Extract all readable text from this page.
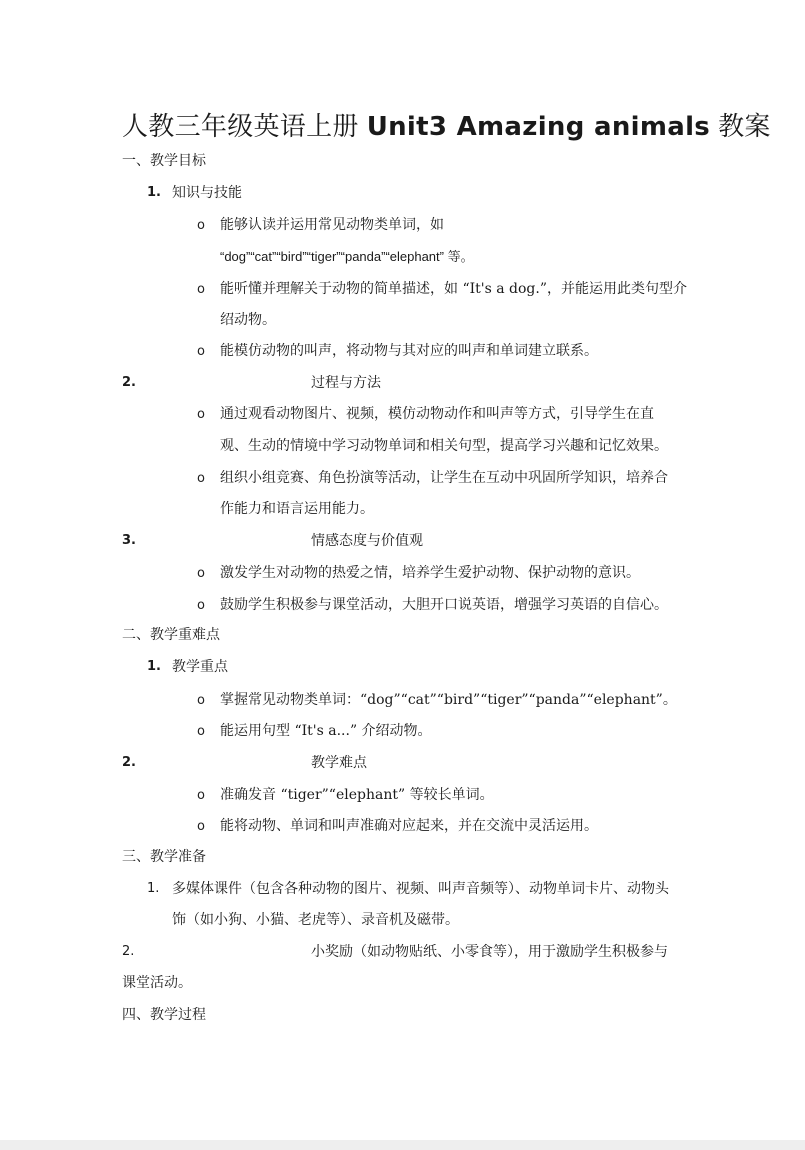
人教三年级英语上册 Unit3 Amazing animals 教案
一、教学目标
1. 知识与技能
o 能够认读并运用常见动物类单词，如
“dog”“cat”“bird”“tiger”“panda”“elephant” 等。
o 能听懂并理解关于动物的简单描述，如 “It's a dog.”，并能运用此类句型介
绍动物。
o 能模仿动物的叫声，将动物与其对应的叫声和单词建立联系。
2.	过程与方法
o 通过观看动物图片、视频，模仿动物动作和叫声等方式，引导学生在直
观、生动的情境中学习动物单词和相关句型，提高学习兴趣和记忆效果。
o 组织小组竞赛、角色扮演等活动，让学生在互动中巩固所学知识，培养合
作能力和语言运用能力。
3.	情感态度与价值观
o 激发学生对动物的热爱之情，培养学生爱护动物、保护动物的意识。
o 鼓励学生积极参与课堂活动，大胆开口说英语，增强学习英语的自信心。
二、教学重难点
1. 教学重点
o 掌握常见动物类单词：“dog”“cat”“bird”“tiger”“panda”“elephant”。
o 能运用句型 “It's a...” 介绍动物。
2.	教学难点
o 准确发音 “tiger”“elephant” 等较长单词。
o 能将动物、单词和叫声准确对应起来，并在交流中灵活运用。
三、教学准备
1. 多媒体课件（包含各种动物的图片、视频、叫声音频等）、动物单词卡片、动物头
饰（如小狗、小猫、老虎等）、录音机及磁带。
2.	小奖励（如动物贴纸、小零食等），用于激励学生积极参与
课堂活动。
四、教学过程
